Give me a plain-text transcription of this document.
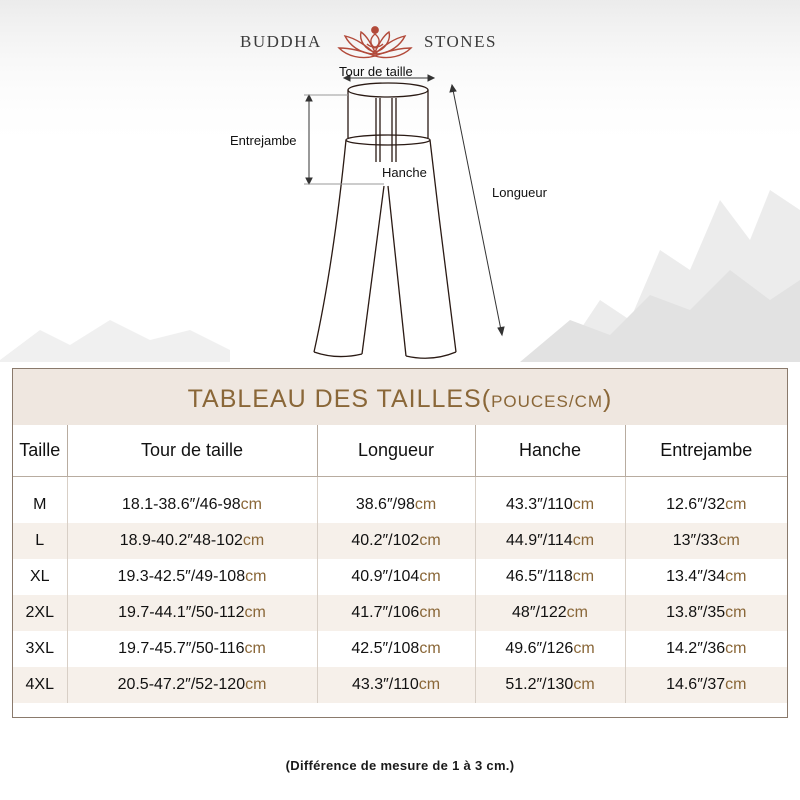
BUDDHA	STONES
Tour de taille
Entrejambe
Hanche
Longueur
TABLEAU DES TAILLES(POUCES/CM)
Taille	Tour de taille	Longueur	Hanche	Entrejambe

M	18.1-38.6″/46-98cm	38.6″/98cm	43.3″/110cm	12.6″/32cm
L	18.9-40.2″48-102cm	40.2″/102cm	44.9″/114cm	13″/33cm
XL	19.3-42.5″/49-108cm	40.9″/104cm	46.5″/118cm	13.4″/34cm
2XL	19.7-44.1″/50-112cm	41.7″/106cm	48″/122cm	13.8″/35cm
3XL	19.7-45.7″/50-116cm	42.5″/108cm	49.6″/126cm	14.2″/36cm
4XL	20.5-47.2″/52-120cm	43.3″/110cm	51.2″/130cm	14.6″/37cm
(Différence de mesure de 1 à 3 cm.)
